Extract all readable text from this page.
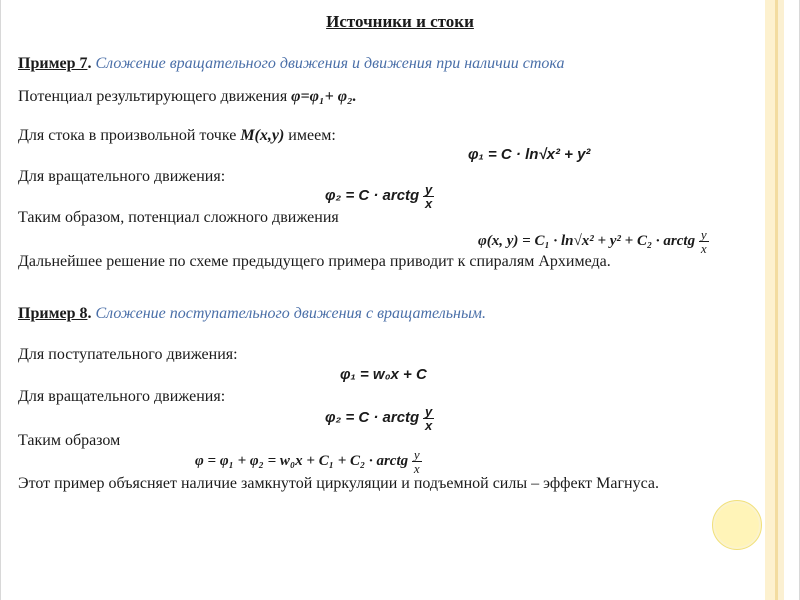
Источники и стоки
Пример 7. Сложение вращательного движения и движения при наличии стока
Потенциал результирующего движения φ=φ₁+ φ₂.
Для стока в произвольной точке M(x,y) имеем:
φ₁ = C · ln√x² + y²
Для вращательного движения:
φ₂ = C · arctg $\frac{y}{x}$
Таким образом, потенциал сложного движения
φ(x, y) = C₁ · ln√x² + y² + C₂ · arctg $\frac{y}{x}$
Дальнейшее решение по схеме предыдущего примера приводит к спиралям Архимеда.
Пример 8. Сложение поступательного движения с вращательным.
Для поступательного движения:
φ₁ = w₀x + C
Для вращательного движения:
φ₂ = C · arctg $\frac{y}{x}$
Таким образом
φ = φ₁ + φ₂ = w₀x + C₁ + C₂ · arctg $\frac{y}{x}$
Этот пример объясняет наличие замкнутой циркуляции и подъемной силы – эффект Магнуса.
